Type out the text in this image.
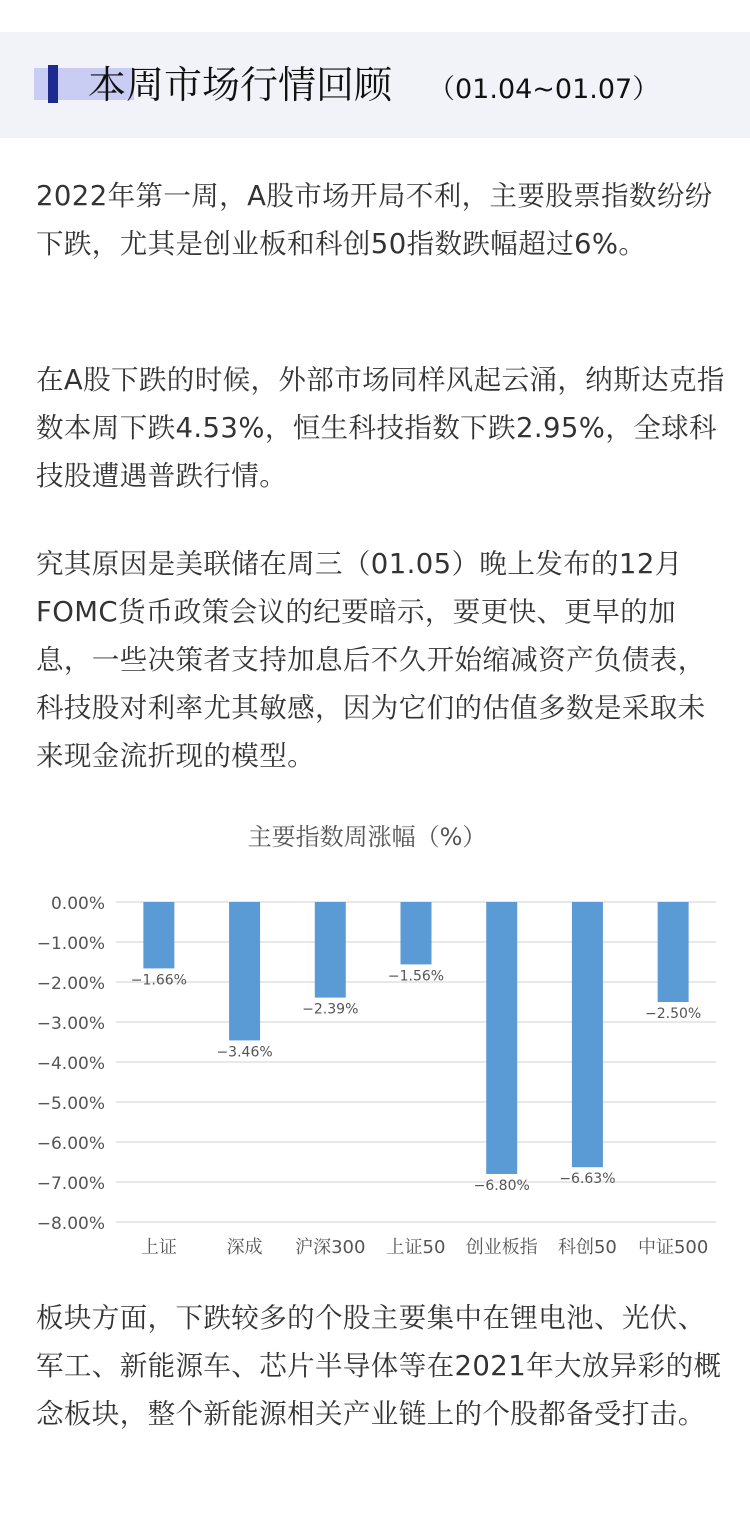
本周市场行情回顾 （01.04~01.07）

2022年第一周，A股市场开局不利，主要股票指数纷纷下跌，尤其是创业板和科创50指数跌幅超过6%。

在A股下跌的时候，外部市场同样风起云涌，纳斯达克指数本周下跌4.53%，恒生科技指数下跌2.95%，全球科技股遭遇普跌行情。

究其原因是美联储在周三（01.05）晚上发布的12月FOMC货币政策会议的纪要暗示，要更快、更早的加息，一些决策者支持加息后不久开始缩减资产负债表，科技股对利率尤其敏感，因为它们的估值多数是采取未来现金流折现的模型。

主要指数周涨幅（%）
0.00%
−1.00%
−2.00%
−3.00%
−4.00%
−5.00%
−6.00%
−7.00%
−8.00%
−1.66%
−3.46%
−2.39%
−1.56%
−6.80% −6.63%
−2.50%
上证	深成 沪深300 上证50 创业板指 科创50 中证500

板块方面，下跌较多的个股主要集中在锂电池、光伏、军工、新能源车、芯片半导体等在2021年大放异彩的概念板块，整个新能源相关产业链上的个股都备受打击。
